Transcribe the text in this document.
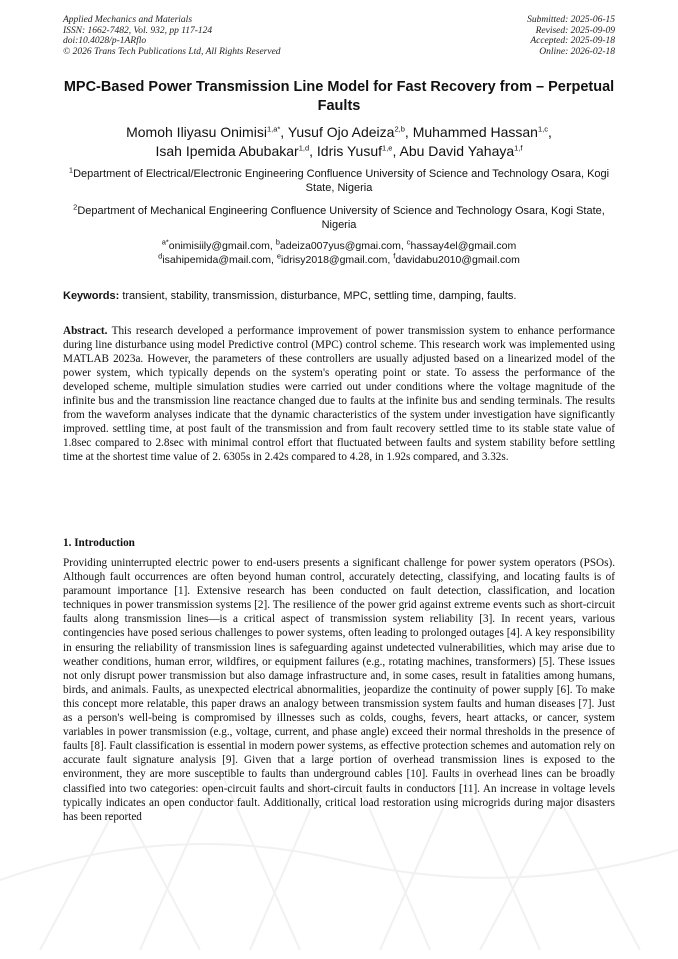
Applied Mechanics and Materials
ISSN: 1662-7482, Vol. 932, pp 117-124
doi:10.4028/p-1ARflo
© 2026 Trans Tech Publications Ltd, All Rights Reserved
Submitted: 2025-06-15
Revised: 2025-09-09
Accepted: 2025-09-18
Online: 2026-02-18
MPC-Based Power Transmission Line Model for Fast Recovery from – Perpetual Faults
Momoh Iliyasu Onimisi$^{1,a*}$, Yusuf Ojo Adeiza$^{2,b}$, Muhammed Hassan$^{1,c}$,
Isah Ipemida Abubakar$^{1,d}$, Idris Yusuf$^{1,e}$, Abu David Yahaya$^{1,f}$
$^1$Department of Electrical/Electronic Engineering Confluence University of Science and Technology Osara, Kogi State, Nigeria
$^2$Department of Mechanical Engineering Confluence University of Science and Technology Osara, Kogi State, Nigeria
$^{a*}$onimisiily@gmail.com, $^b$adeiza007yus@gmai.com, $^c$hassay4el@gmail.com
$^d$isahipemida@mail.com, $^e$idrisy2018@gmail.com, $^f$davidabu2010@gmail.com
Keywords: transient, stability, transmission, disturbance, MPC, settling time, damping, faults.
Abstract. This research developed a performance improvement of power transmission system to enhance performance during line disturbance using model Predictive control (MPC) control scheme. This research work was implemented using MATLAB 2023a. However, the parameters of these controllers are usually adjusted based on a linearized model of the power system, which typically depends on the system's operating point or state. To assess the performance of the developed scheme, multiple simulation studies were carried out under conditions where the voltage magnitude of the infinite bus and the transmission line reactance changed due to faults at the infinite bus and sending terminals. The results from the waveform analyses indicate that the dynamic characteristics of the system under investigation have significantly improved. settling time, at post fault of the transmission and from fault recovery settled time to its stable state value of 1.8sec compared to 2.8sec with minimal control effort that fluctuated between faults and system stability before settling time at the shortest time value of 2. 6305s in 2.42s compared to 4.28, in 1.92s compared, and 3.32s.
1. Introduction
Providing uninterrupted electric power to end-users presents a significant challenge for power system operators (PSOs). Although fault occurrences are often beyond human control, accurately detecting, classifying, and locating faults is of paramount importance [1]. Extensive research has been conducted on fault detection, classification, and location techniques in power transmission systems [2]. The resilience of the power grid against extreme events such as short-circuit faults along transmission lines—is a critical aspect of transmission system reliability [3]. In recent years, various contingencies have posed serious challenges to power systems, often leading to prolonged outages [4]. A key responsibility in ensuring the reliability of transmission lines is safeguarding against undetected vulnerabilities, which may arise due to weather conditions, human error, wildfires, or equipment failures (e.g., rotating machines, transformers) [5]. These issues not only disrupt power transmission but also damage infrastructure and, in some cases, result in fatalities among humans, birds, and animals. Faults, as unexpected electrical abnormalities, jeopardize the continuity of power supply [6]. To make this concept more relatable, this paper draws an analogy between transmission system faults and human diseases [7]. Just as a person's well-being is compromised by illnesses such as colds, coughs, fevers, heart attacks, or cancer, system variables in power transmission (e.g., voltage, current, and phase angle) exceed their normal thresholds in the presence of faults [8]. Fault classification is essential in modern power systems, as effective protection schemes and automation rely on accurate fault signature analysis [9]. Given that a large portion of overhead transmission lines is exposed to the environment, they are more susceptible to faults than underground cables [10]. Faults in overhead lines can be broadly classified into two categories: open-circuit faults and short-circuit faults in conductors [11]. An increase in voltage levels typically indicates an open conductor fault. Additionally, critical load restoration using microgrids during major disasters has been reported
